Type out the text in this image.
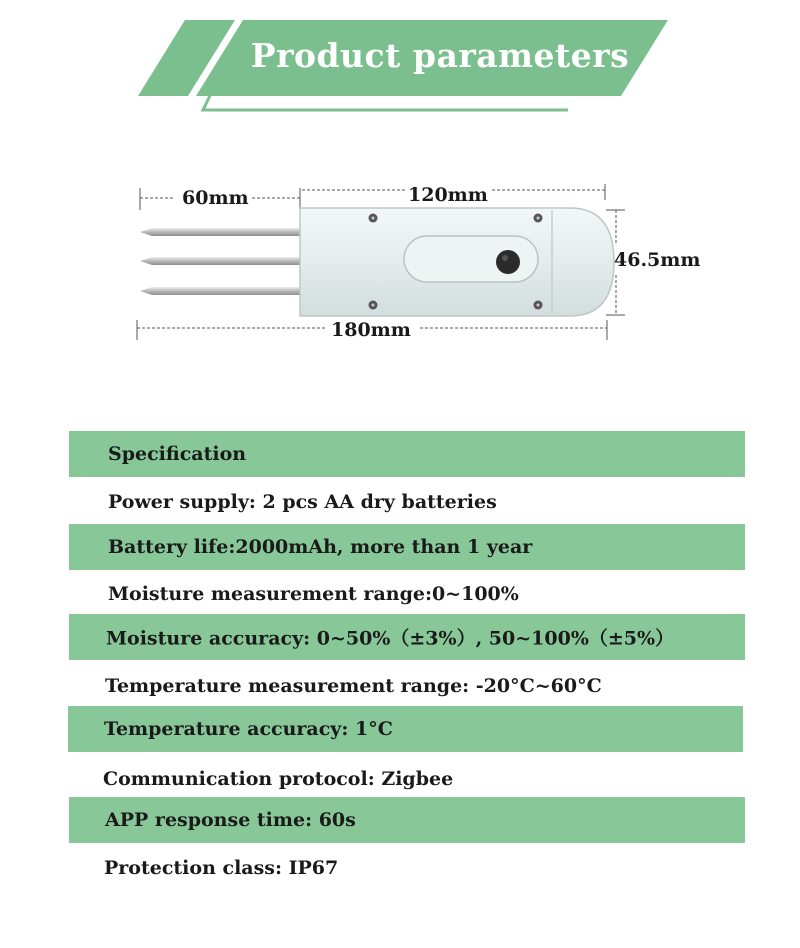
Product parameters
60mm	120mm
46.5mm
180mm
Specification
Power supply: 2 pcs AA dry batteries
Battery life:2000mAh, more than 1 year
Moisture measurement range:0~100%
Moisture accuracy: 0~50%（±3%）, 50~100%（±5%）
Temperature measurement range: -20°C~60°C
Temperature accuracy: 1°C
Communication protocol: Zigbee
APP response time: 60s
Protection class: IP67
